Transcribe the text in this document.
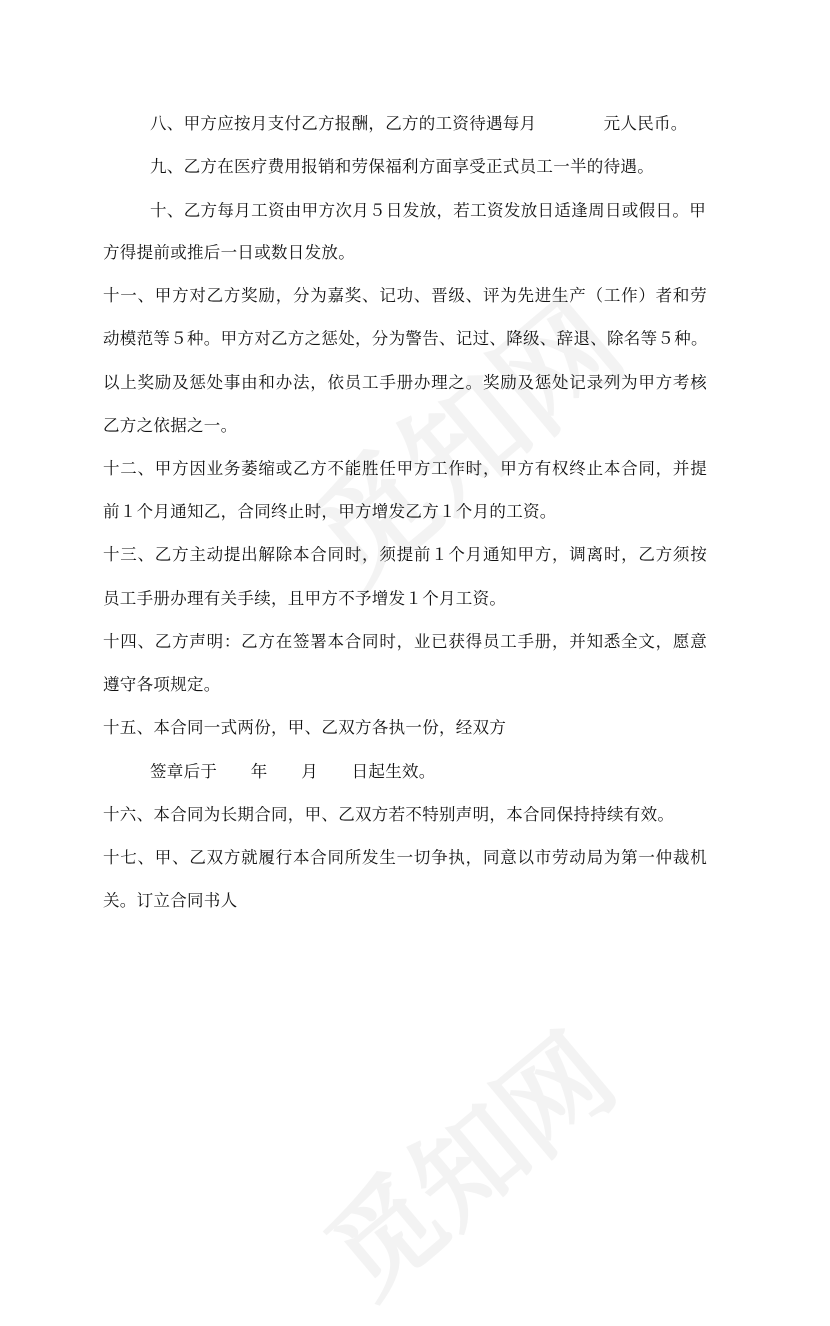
八、甲方应按月支付乙方报酬，乙方的工资待遇每月　　　　元人民币。
九、乙方在医疗费用报销和劳保福利方面享受正式员工一半的待遇。
十、乙方每月工资由甲方次月５日发放，若工资发放日适逢周日或假日。甲
方得提前或推后一日或数日发放。
十一、甲方对乙方奖励，分为嘉奖、记功、晋级、评为先进生产（工作）者和劳
动模范等５种。甲方对乙方之惩处，分为警告、记过、降级、辞退、除名等５种。
以上奖励及惩处事由和办法，依员工手册办理之。奖励及惩处记录列为甲方考核
乙方之依据之一。
十二、甲方因业务萎缩或乙方不能胜任甲方工作时，甲方有权终止本合同，并提
前１个月通知乙，合同终止时，甲方增发乙方１个月的工资。
十三、乙方主动提出解除本合同时，须提前１个月通知甲方，调离时，乙方须按
员工手册办理有关手续，且甲方不予增发１个月工资。
十四、乙方声明：乙方在签署本合同时，业已获得员工手册，并知悉全文，愿意
遵守各项规定。
十五、本合同一式两份，甲、乙双方各执一份，经双方
签章后于　　年　　月　　日起生效。
十六、本合同为长期合同，甲、乙双方若不特别声明，本合同保持持续有效。
十七、甲、乙双方就履行本合同所发生一切争执，同意以市劳动局为第一仲裁机
关。订立合同书人
